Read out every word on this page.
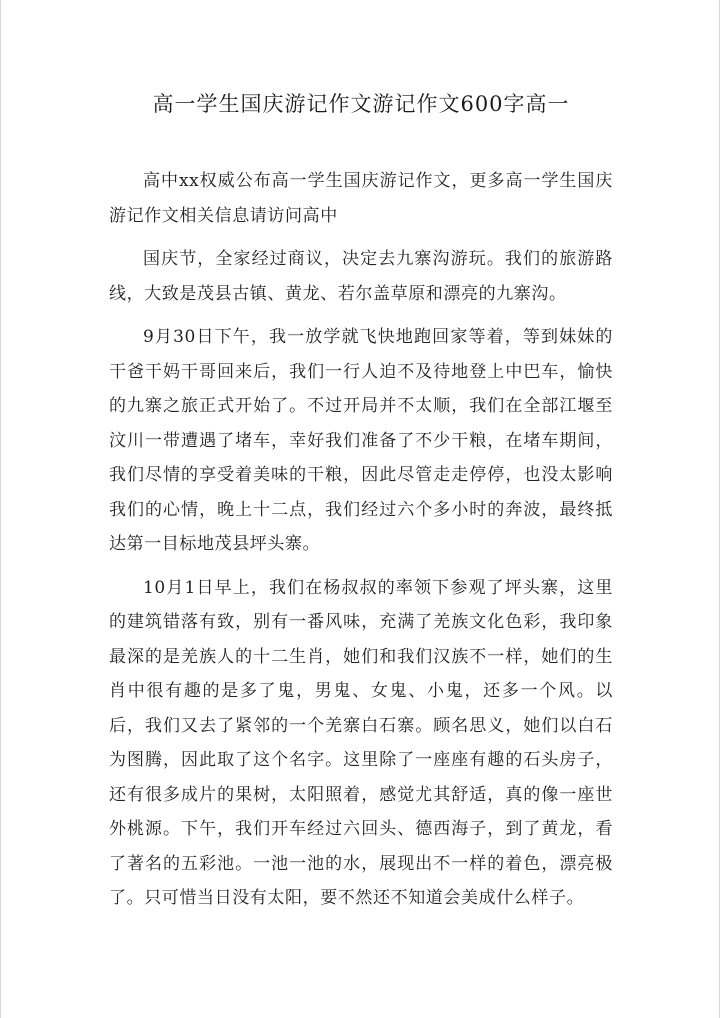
高一学生国庆游记作文游记作文600字高一

高中xx权威公布高一学生国庆游记作文，更多高一学生国庆游记作文相关信息请访问高中

国庆节，全家经过商议，决定去九寨沟游玩。我们的旅游路线，大致是茂县古镇、黄龙、若尔盖草原和漂亮的九寨沟。

9月30日下午，我一放学就飞快地跑回家等着，等到妹妹的干爸干妈干哥回来后，我们一行人迫不及待地登上中巴车，愉快的九寨之旅正式开始了。不过开局并不太顺，我们在全部江堰至汶川一带遭遇了堵车，幸好我们准备了不少干粮，在堵车期间，我们尽情的享受着美味的干粮，因此尽管走走停停，也没太影响我们的心情，晚上十二点，我们经过六个多小时的奔波，最终抵达第一目标地茂县坪头寨。

10月1日早上，我们在杨叔叔的率领下参观了坪头寨，这里的建筑错落有致，别有一番风味，充满了羌族文化色彩，我印象最深的是羌族人的十二生肖，她们和我们汉族不一样，她们的生肖中很有趣的是多了鬼，男鬼、女鬼、小鬼，还多一个风。以后，我们又去了紧邻的一个羌寨白石寨。顾名思义，她们以白石为图腾，因此取了这个名字。这里除了一座座有趣的石头房子，还有很多成片的果树，太阳照着，感觉尤其舒适，真的像一座世外桃源。下午，我们开车经过六回头、德西海子，到了黄龙，看了著名的五彩池。一池一池的水，展现出不一样的着色，漂亮极了。只可惜当日没有太阳，要不然还不知道会美成什么样子。
